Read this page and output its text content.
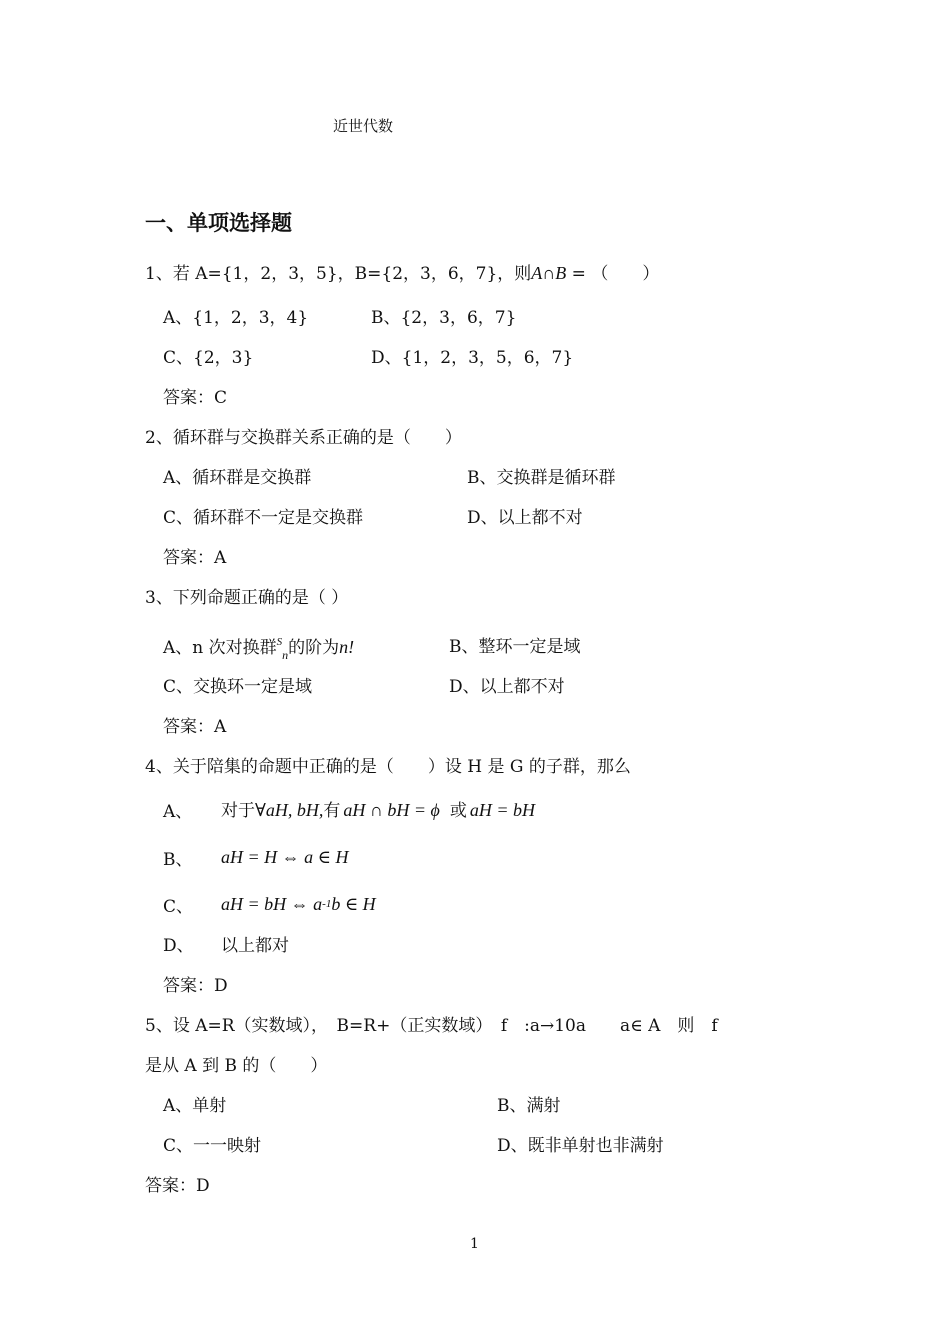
近世代数
一、单项选择题
1、若 A={1，2，3，5}，B={2，3，6，7}，则A∩B = （　　）
A、{1，2，3，4}	B、{2，3，6，7}
C、{2，3}	D、{1，2，3，5，6，7}
答案：C
2、循环群与交换群关系正确的是（　　）
A、循环群是交换群	B、交换群是循环群
C、循环群不一定是交换群	D、以上都不对
答案：A
3、下列命题正确的是（ ）
A、n 次对换群$^S_n$的阶为n!	B、整环一定是域
C、交换环一定是域	D、以上都不对
答案：A
4、关于陪集的命题中正确的是（　　）设 H 是 G 的子群，那么
A、 对于∀aH, bH,有 aH ∩ bH = ϕ 或 aH = bH
B、 aH = H ⇔ a ∈ H
C、 aH = bH ⇔ a-1b ∈ H
D、 以上都对
答案：D
5、设 A=R（实数域），　B=R+（正实数域）　f　:a→10a　　a∈ A　则　f
是从 A 到 B 的（　　）
A、单射	B、满射
C、一一映射	D、既非单射也非满射
答案：D
1
